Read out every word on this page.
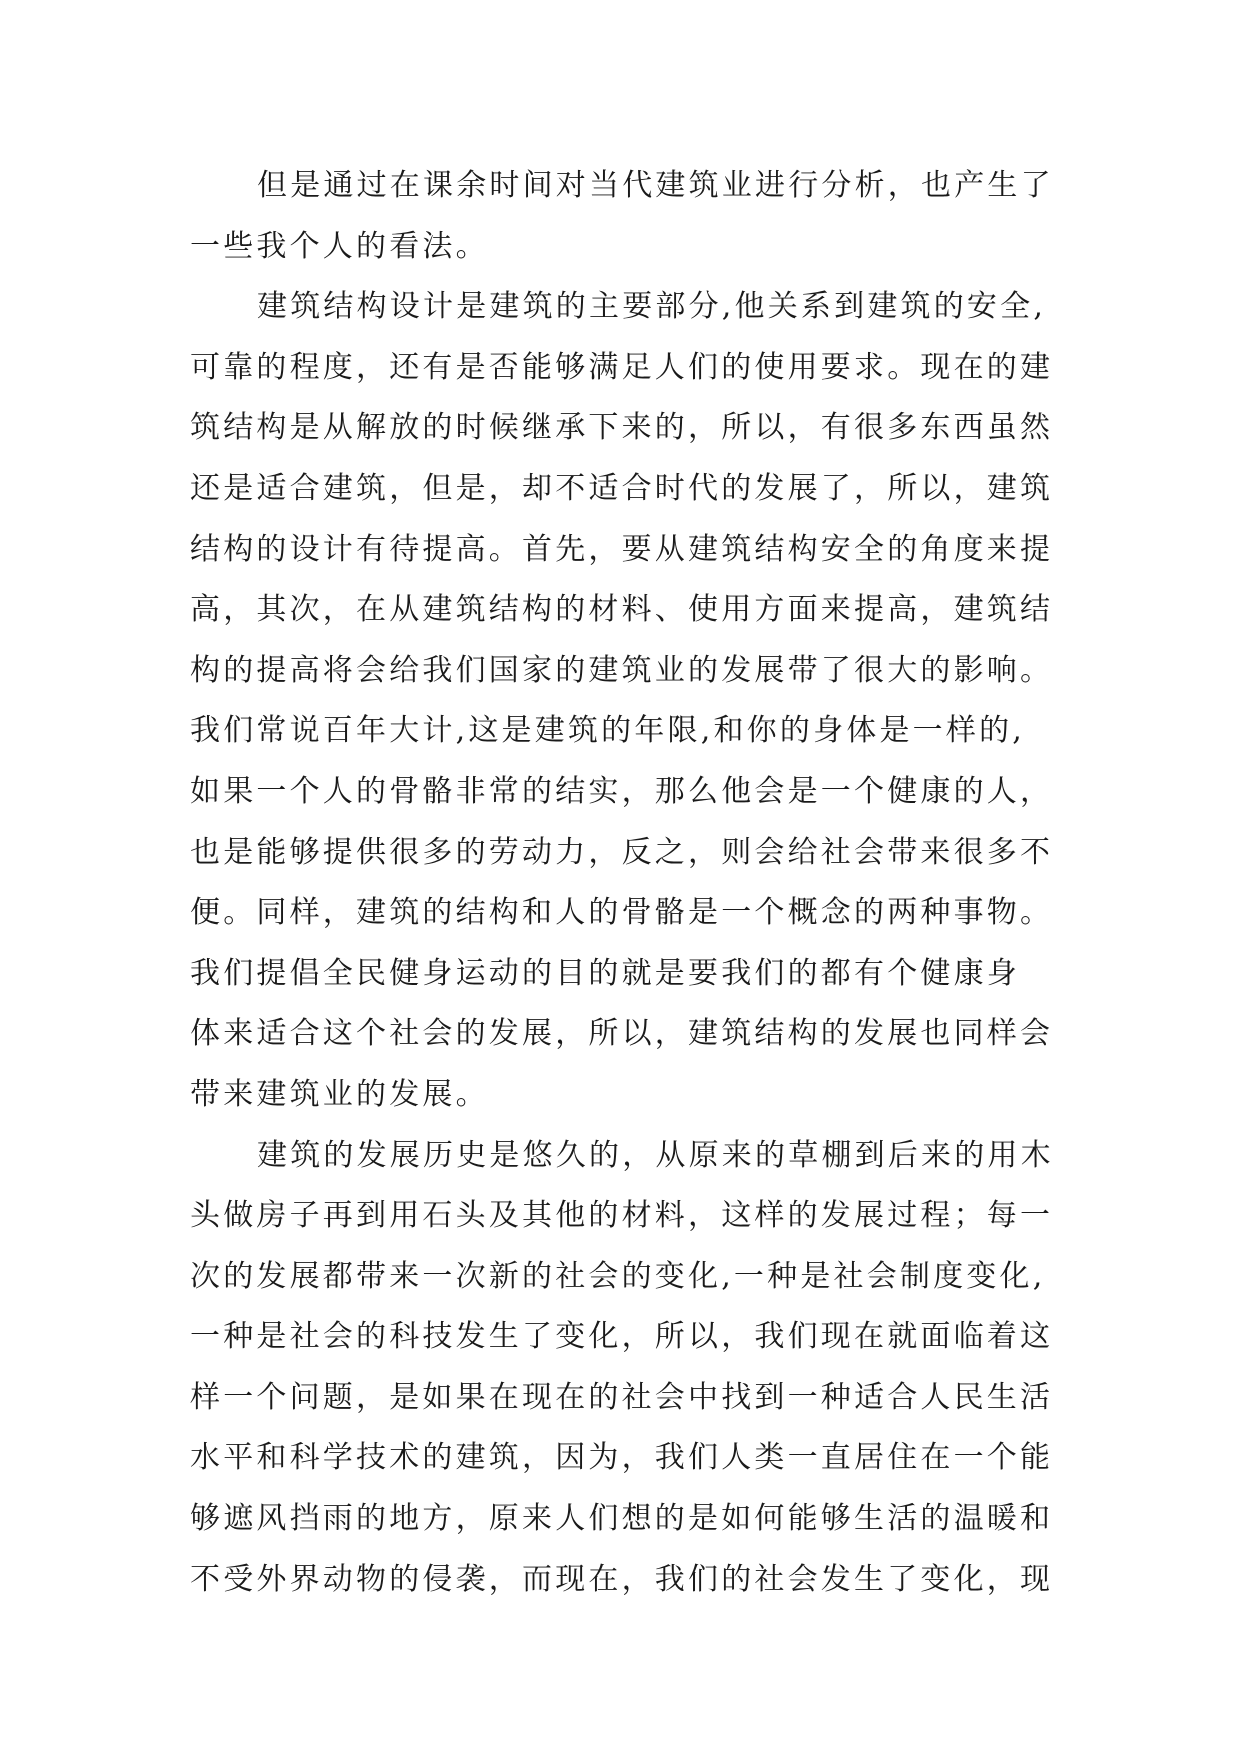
但是通过在课余时间对当代建筑业进行分析，也产生了
一些我个人的看法。
建筑结构设计是建筑的主要部分,他关系到建筑的安全,
可靠的程度，还有是否能够满足人们的使用要求。现在的建
筑结构是从解放的时候继承下来的，所以，有很多东西虽然
还是适合建筑，但是，却不适合时代的发展了，所以，建筑
结构的设计有待提高。首先，要从建筑结构安全的角度来提
高，其次，在从建筑结构的材料、使用方面来提高，建筑结
构的提高将会给我们国家的建筑业的发展带了很大的影响。
我们常说百年大计,这是建筑的年限,和你的身体是一样的,
如果一个人的骨骼非常的结实，那么他会是一个健康的人，
也是能够提供很多的劳动力，反之，则会给社会带来很多不
便。同样，建筑的结构和人的骨骼是一个概念的两种事物。
我们提倡全民健身运动的目的就是要我们的都有个健康身
体来适合这个社会的发展，所以，建筑结构的发展也同样会
带来建筑业的发展。
建筑的发展历史是悠久的，从原来的草棚到后来的用木
头做房子再到用石头及其他的材料，这样的发展过程；每一
次的发展都带来一次新的社会的变化,一种是社会制度变化,
一种是社会的科技发生了变化，所以，我们现在就面临着这
样一个问题，是如果在现在的社会中找到一种适合人民生活
水平和科学技术的建筑，因为，我们人类一直居住在一个能
够遮风挡雨的地方，原来人们想的是如何能够生活的温暖和
不受外界动物的侵袭，而现在，我们的社会发生了变化，现
